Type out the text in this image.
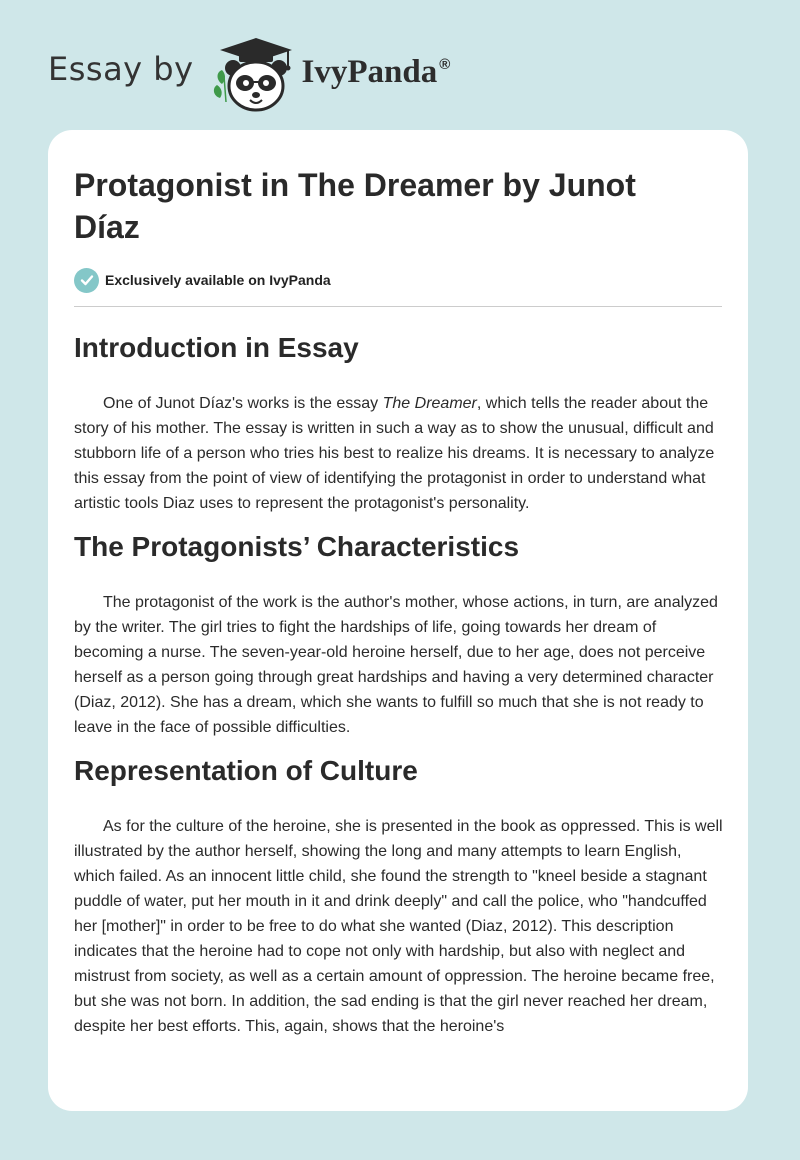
Essay by	IvyPanda ®
Protagonist in The Dreamer by Junot Díaz
Exclusively available on IvyPanda
Introduction in Essay

One of Junot Díaz's works is the essay The Dreamer, which tells the reader about the story of his mother. The essay is written in such a way as to show the unusual, difficult and stubborn life of a person who tries his best to realize his dreams. It is necessary to analyze this essay from the point of view of identifying the protagonist in order to understand what artistic tools Diaz uses to represent the protagonist's personality.

The Protagonists’ Characteristics

The protagonist of the work is the author's mother, whose actions, in turn, are analyzed by the writer. The girl tries to fight the hardships of life, going towards her dream of becoming a nurse. The seven-year-old heroine herself, due to her age, does not perceive herself as a person going through great hardships and having a very determined character (Diaz, 2012). She has a dream, which she wants to fulfill so much that she is not ready to leave in the face of possible difficulties.

Representation of Culture

As for the culture of the heroine, she is presented in the book as oppressed. This is well illustrated by the author herself, showing the long and many attempts to learn English, which failed. As an innocent little child, she found the strength to "kneel beside a stagnant puddle of water, put her mouth in it and drink deeply" and call the police, who "handcuffed her [mother]" in order to be free to do what she wanted (Diaz, 2012). This description indicates that the heroine had to cope not only with hardship, but also with neglect and mistrust from society, as well as a certain amount of oppression. The heroine became free, but she was not born. In addition, the sad ending is that the girl never reached her dream, despite her best efforts. This, again, shows that the heroine's
